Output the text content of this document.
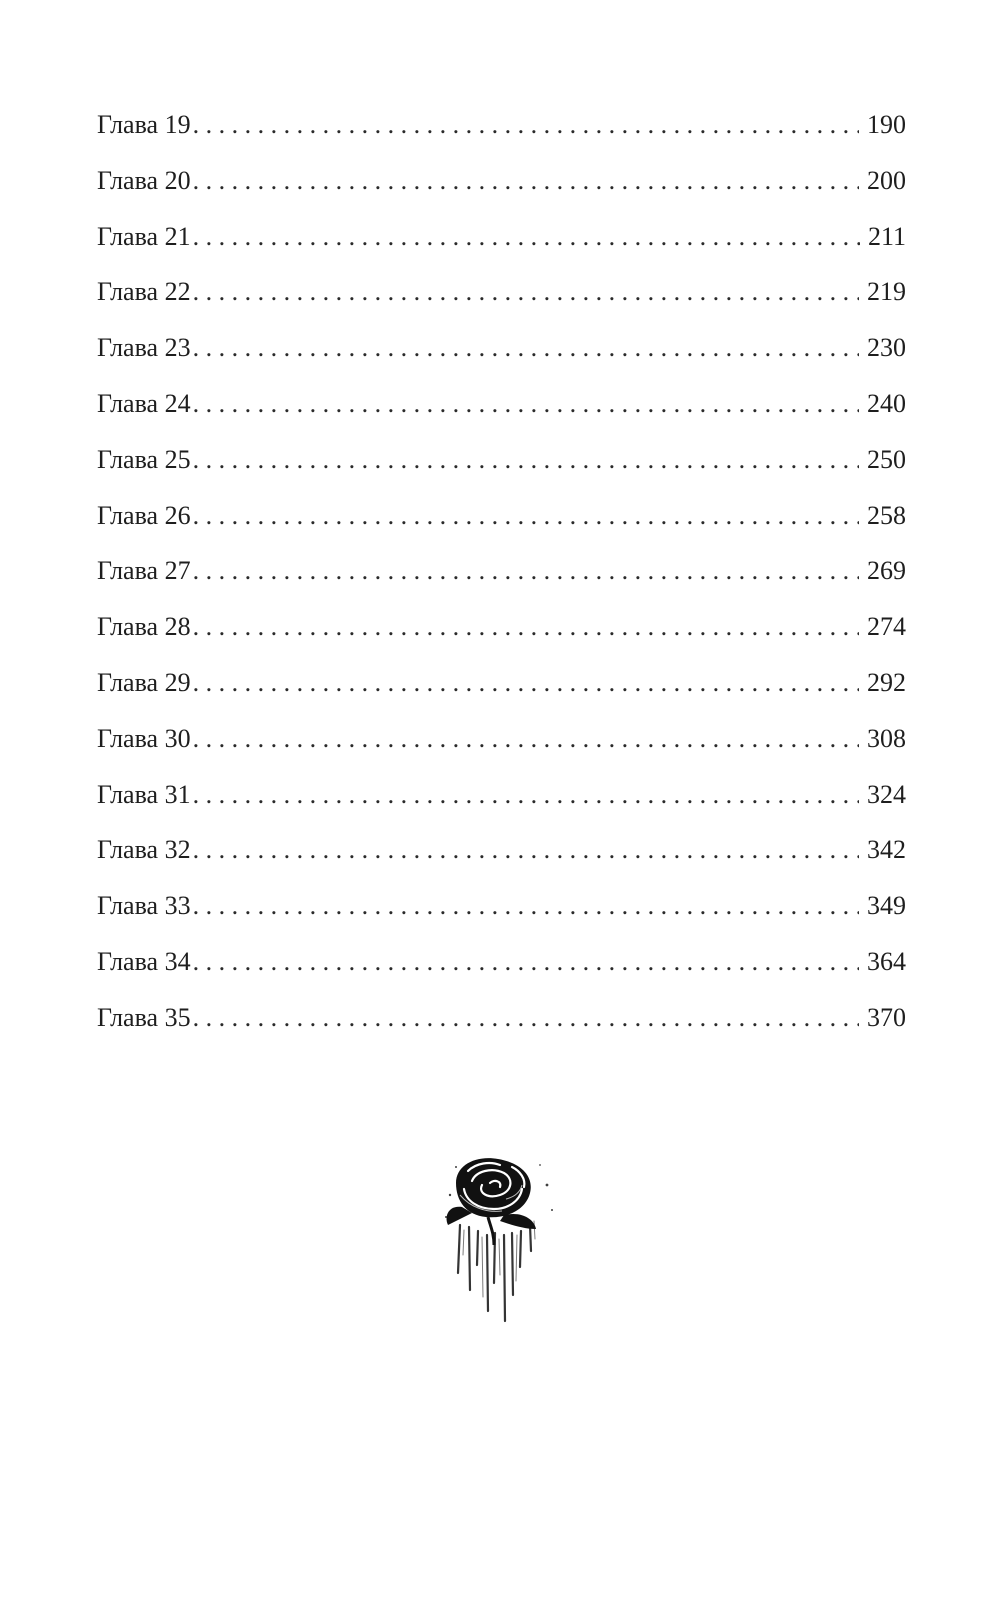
Глава 19 . . .	190
Глава 20 . . .	200
Глава 21 . . .	211
Глава 22 . . .	219
Глава 23 . . .	230
Глава 24 . . .	240
Глава 25 . . .	250
Глава 26 . . .	258
Глава 27 . . .	269
Глава 28 . . .	274
Глава 29 . . .	292
Глава 30 . . .	308
Глава 31 . . .	324
Глава 32 . . .	342
Глава 33 . . .	349
Глава 34 . . .	364
Глава 35 . . .	370
